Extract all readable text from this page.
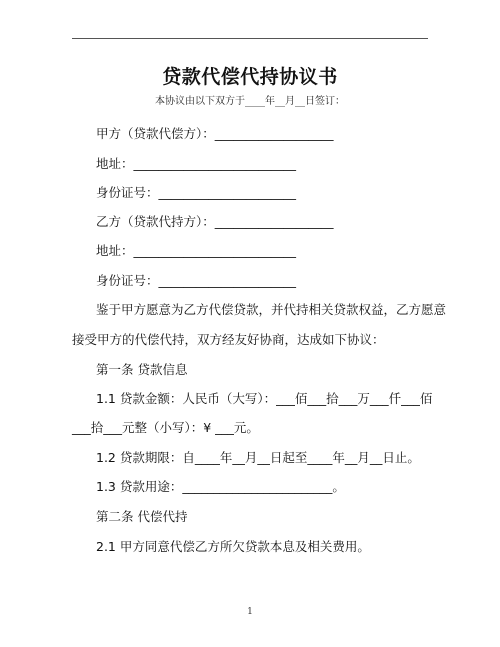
贷款代偿代持协议书
本协议由以下双方于____年__月__日签订：
甲方（贷款代偿方）：___________________
地址：__________________________
身份证号：______________________
乙方（贷款代持方）：___________________
地址：__________________________
身份证号：______________________
鉴于甲方愿意为乙方代偿贷款，并代持相关贷款权益，乙方愿意
接受甲方的代偿代持，双方经友好协商，达成如下协议：
第一条 贷款信息
1.1 贷款金额：人民币（大写）：___佰___拾___万___仟___佰
___拾___元整（小写）：¥ ___元。
1.2 贷款期限：自____年__月__日起至____年__月__日止。
1.3 贷款用途：________________________。
第二条 代偿代持
2.1 甲方同意代偿乙方所欠贷款本息及相关费用。
1
